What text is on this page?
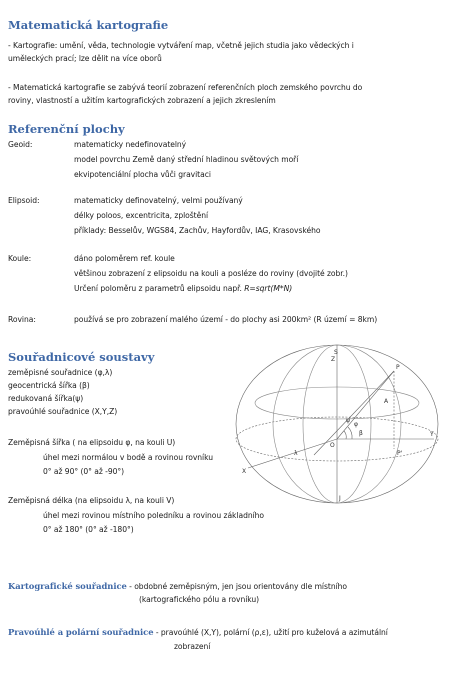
Matematická kartografie
- Kartografie: umění, věda, technologie vytváření map, včetně jejich studia jako vědeckých i
uměleckých prací; lze dělit na více oborů
- Matematická kartografie se zabývá teorií zobrazení referenčních ploch zemského povrchu do
roviny, vlastností a užitím kartografických zobrazení a jejich zkreslením
Referenční plochy
Geoid:	matematicky nedefinovatelný
model povrchu Země daný střední hladinou světových moří
ekvipotenciální plocha vůči gravitaci
Elipsoid:	matematicky definovatelný, velmi používaný
délky poloos, excentricita, zploštění
příklady: Besselův, WGS84, Zachův, Hayfordův, IAG, Krasovského
Koule:	dáno poloměrem ref. koule
většinou zobrazení z elipsoidu na kouli a posléze do roviny (dvojité zobr.)
Určení poloměru z parametrů elipsoidu např. R=sqrt(M*N)
Rovina:	používá se pro zobrazení malého území - do plochy asi 200km² (R území = 8km)
Souřadnicové soustavy
zeměpisné souřadnice (φ,λ)
geocentrická šířka (β)
redukovaná šířka(ψ)
pravoúhlé souřadnice (X,Y,Z)
Zeměpisná šířka ( na elipsoidu φ, na kouli U)
úhel mezi normálou v bodě a rovinou rovníku
0° až 90° (0° až -90°)
Zeměpisná délka (na elipsoidu λ, na kouli V)
úhel mezi rovinou místního poledníku a rovinou základního
0° až 180° (0° až -180°)
S
P
A
O
P'
J
X
Y
Z
φ
ψ
β
λ
Kartografické souřadnice - obdobné zeměpisným, jen jsou orientovány dle místního
(kartografického pólu a rovníku)
Pravoúhlé a polární souřadnice - pravoúhlé (X,Y), polární (ρ,ε), užití pro kuželová a azimutální
zobrazení
